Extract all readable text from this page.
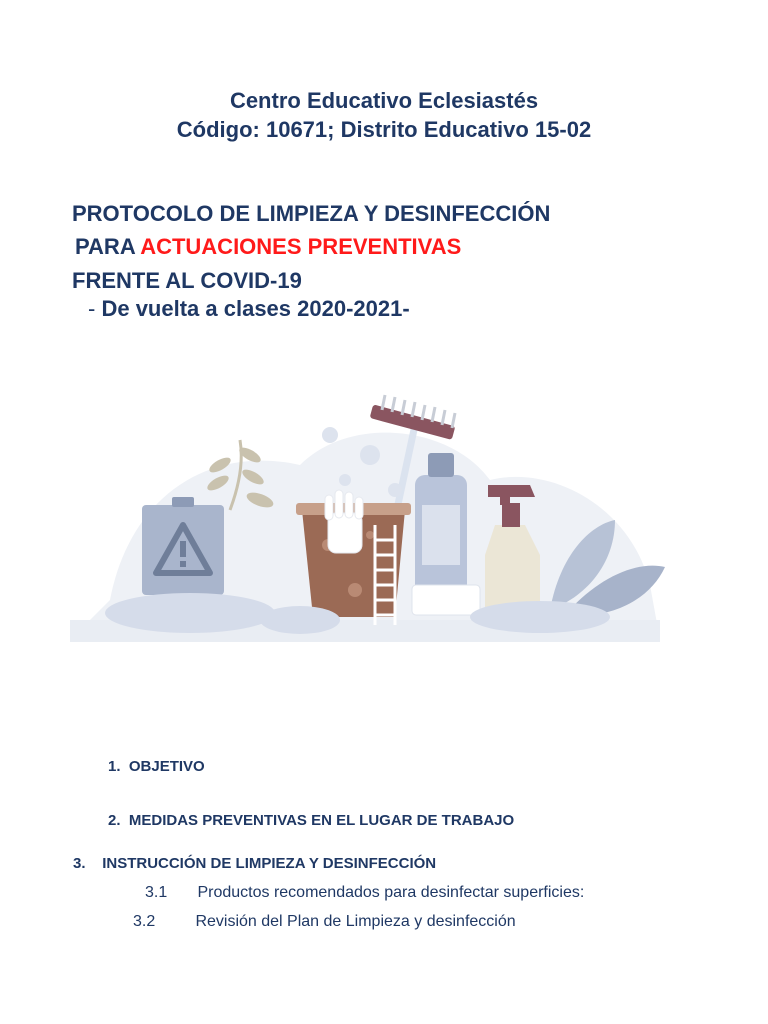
Centro Educativo Eclesiastés
Código: 10671; Distrito Educativo 15-02
PROTOCOLO DE LIMPIEZA Y DESINFECCIÓN
PARA ACTUACIONES PREVENTIVAS
FRENTE AL COVID-19
- De vuelta a clases 2020-2021-
1. OBJETIVO
2. MEDIDAS PREVENTIVAS EN EL LUGAR DE TRABAJO
3. INSTRUCCIÓN DE LIMPIEZA Y DESINFECCIÓN
3.1 Productos recomendados para desinfectar superficies:
3.2	Revisión del Plan de Limpieza y desinfección
